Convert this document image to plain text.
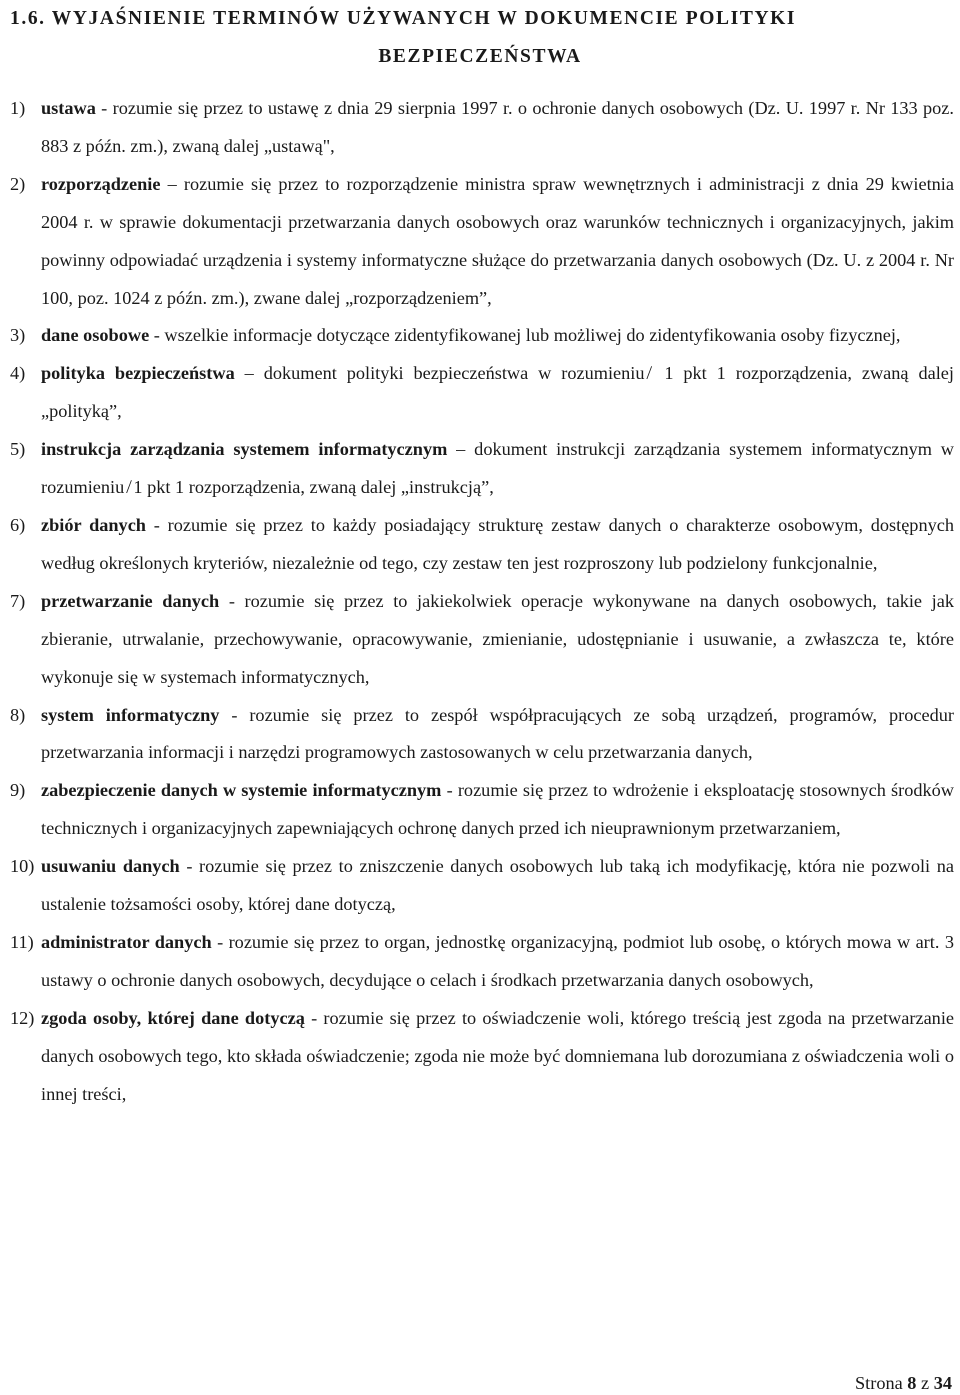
1.6. WYJAŚNIENIE TERMINÓW UŻYWANYCH W DOKUMENCIE POLITYKI
BEZPIECZEŃSTWA
1) ustawa - rozumie się przez to ustawę z dnia 29 sierpnia 1997 r. o ochronie danych osobowych (Dz. U. 1997 r. Nr 133 poz. 883 z późn. zm.), zwaną dalej „ustawą",
2) rozporządzenie – rozumie się przez to rozporządzenie ministra spraw wewnętrznych i administracji z dnia 29 kwietnia 2004 r. w sprawie dokumentacji przetwarzania danych osobowych oraz warunków technicznych i organizacyjnych, jakim powinny odpowiadać urządzenia i systemy informatyczne służące do przetwarzania danych osobowych (Dz. U. z 2004 r. Nr 100, poz. 1024 z późn. zm.), zwane dalej „rozporządzeniem”,
3) dane osobowe - wszelkie informacje dotyczące zidentyfikowanej lub możliwej do zidentyfikowania osoby fizycznej,
4) polityka bezpieczeństwa – dokument polityki bezpieczeństwa w rozumieniu ̸ 1 pkt 1 rozporządzenia, zwaną dalej „polityką”,
5) instrukcja zarządzania systemem informatycznym – dokument instrukcji zarządzania systemem informatycznym w rozumieniu ̸ 1 pkt 1 rozporządzenia, zwaną dalej „instrukcją”,
6) zbiór danych - rozumie się przez to każdy posiadający strukturę zestaw danych o charakterze osobowym, dostępnych według określonych kryteriów, niezależnie od tego, czy zestaw ten jest rozproszony lub podzielony funkcjonalnie,
7) przetwarzanie danych - rozumie się przez to jakiekolwiek operacje wykonywane na danych osobowych, takie jak zbieranie, utrwalanie, przechowywanie, opracowywanie, zmienianie, udostępnianie i usuwanie, a zwłaszcza te, które wykonuje się w systemach informatycznych,
8) system informatyczny - rozumie się przez to zespół współpracujących ze sobą urządzeń, programów, procedur przetwarzania informacji i narzędzi programowych zastosowanych w celu przetwarzania danych,
9) zabezpieczenie danych w systemie informatycznym - rozumie się przez to wdrożenie i eksploatację stosownych środków technicznych i organizacyjnych zapewniających ochronę danych przed ich nieuprawnionym przetwarzaniem,
10) usuwaniu danych - rozumie się przez to zniszczenie danych osobowych lub taką ich modyfikację, która nie pozwoli na ustalenie tożsamości osoby, której dane dotyczą,
11) administrator danych - rozumie się przez to organ, jednostkę organizacyjną, podmiot lub osobę, o których mowa w art. 3 ustawy o ochronie danych osobowych, decydujące o celach i środkach przetwarzania danych osobowych,
12) zgoda osoby, której dane dotyczą - rozumie się przez to oświadczenie woli, którego treścią jest zgoda na przetwarzanie danych osobowych tego, kto składa oświadczenie; zgoda nie może być domniemana lub dorozumiana z oświadczenia woli o innej treści,
Strona 8 z 34
